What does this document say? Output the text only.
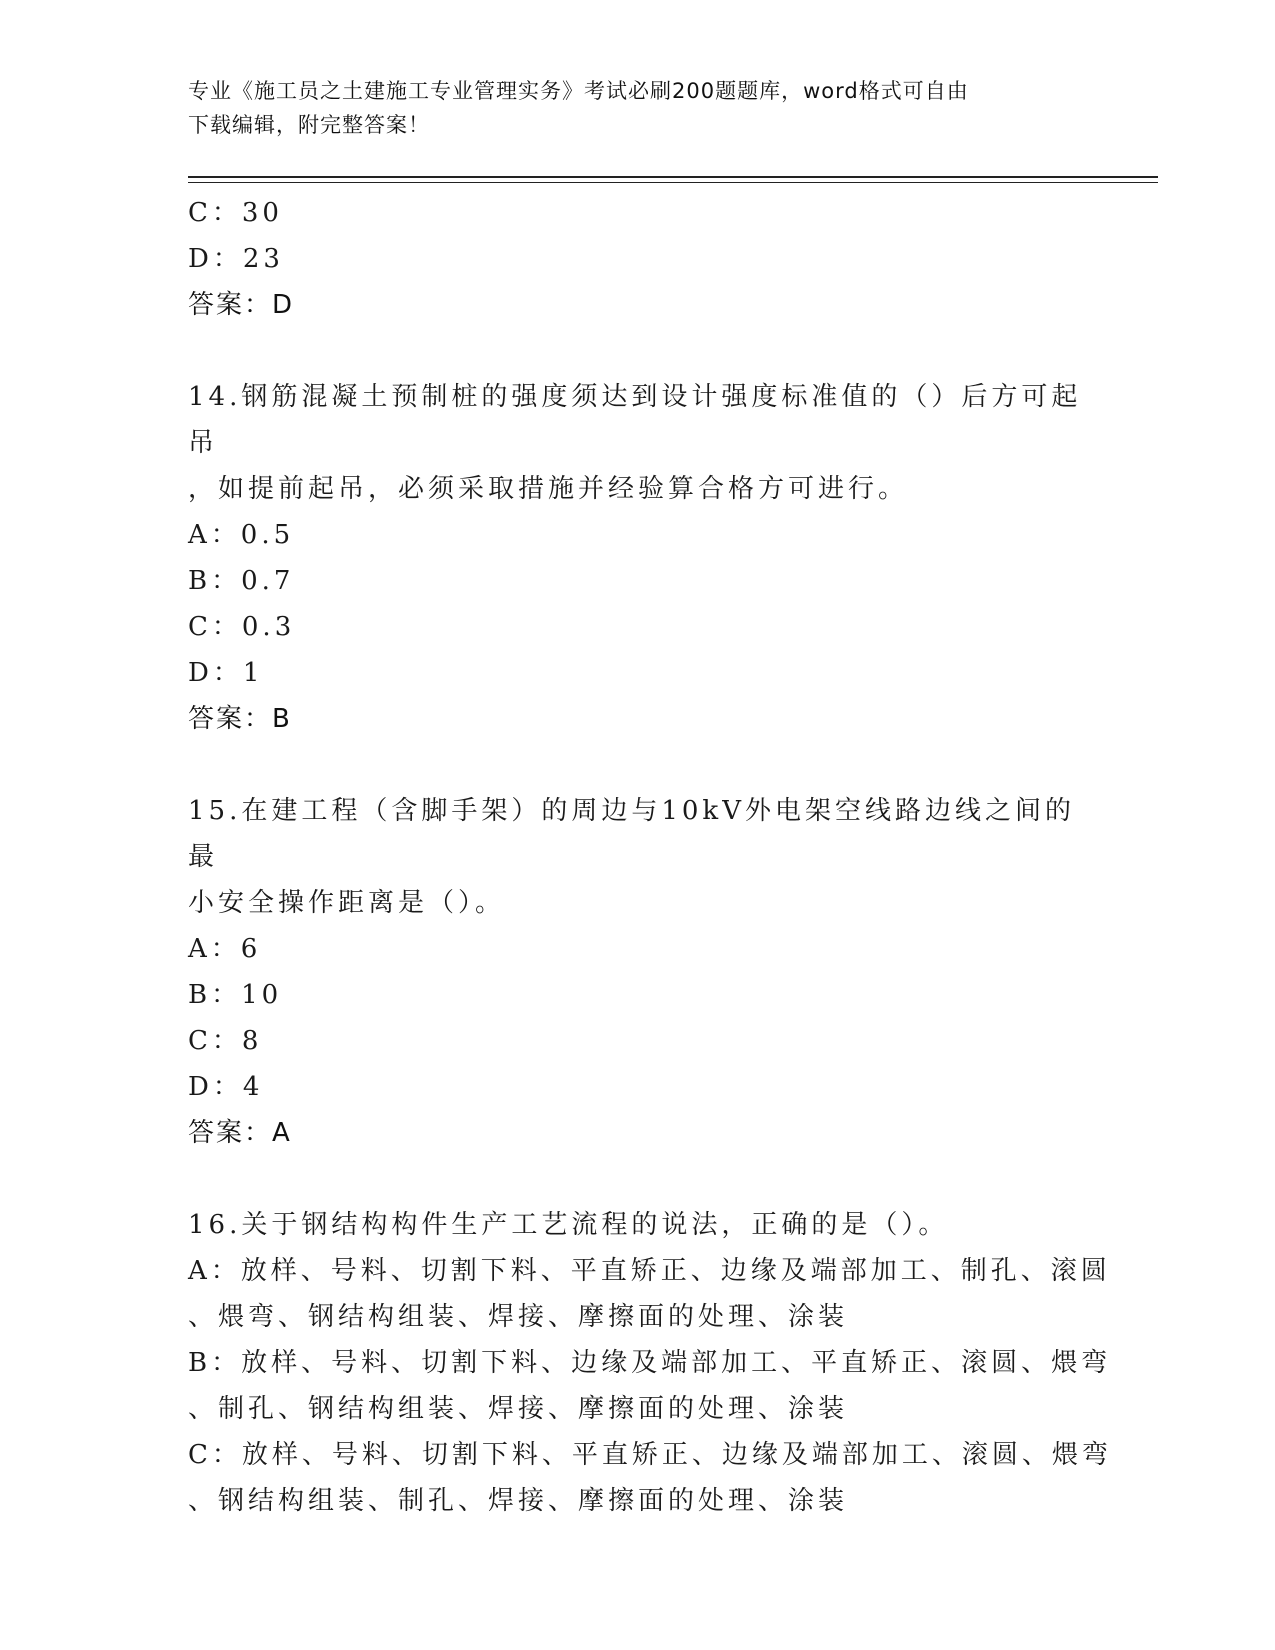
专业《施工员之土建施工专业管理实务》考试必刷200题题库，word格式可自由
下载编辑，附完整答案！
C：30
D：23
答案：D
14.钢筋混凝土预制桩的强度须达到设计强度标准值的（）后方可起吊
，如提前起吊，必须采取措施并经验算合格方可进行。
A：0.5
B：0.7
C：0.3
D：1
答案：B
15.在建工程（含脚手架）的周边与10kV外电架空线路边线之间的最
小安全操作距离是（）。
A：6
B：10
C：8
D：4
答案：A
16.关于钢结构构件生产工艺流程的说法，正确的是（）。
A：放样、号料、切割下料、平直矫正、边缘及端部加工、制孔、滚圆
、煨弯、钢结构组装、焊接、摩擦面的处理、涂装
B：放样、号料、切割下料、边缘及端部加工、平直矫正、滚圆、煨弯
、制孔、钢结构组装、焊接、摩擦面的处理、涂装
C：放样、号料、切割下料、平直矫正、边缘及端部加工、滚圆、煨弯
、钢结构组装、制孔、焊接、摩擦面的处理、涂装
